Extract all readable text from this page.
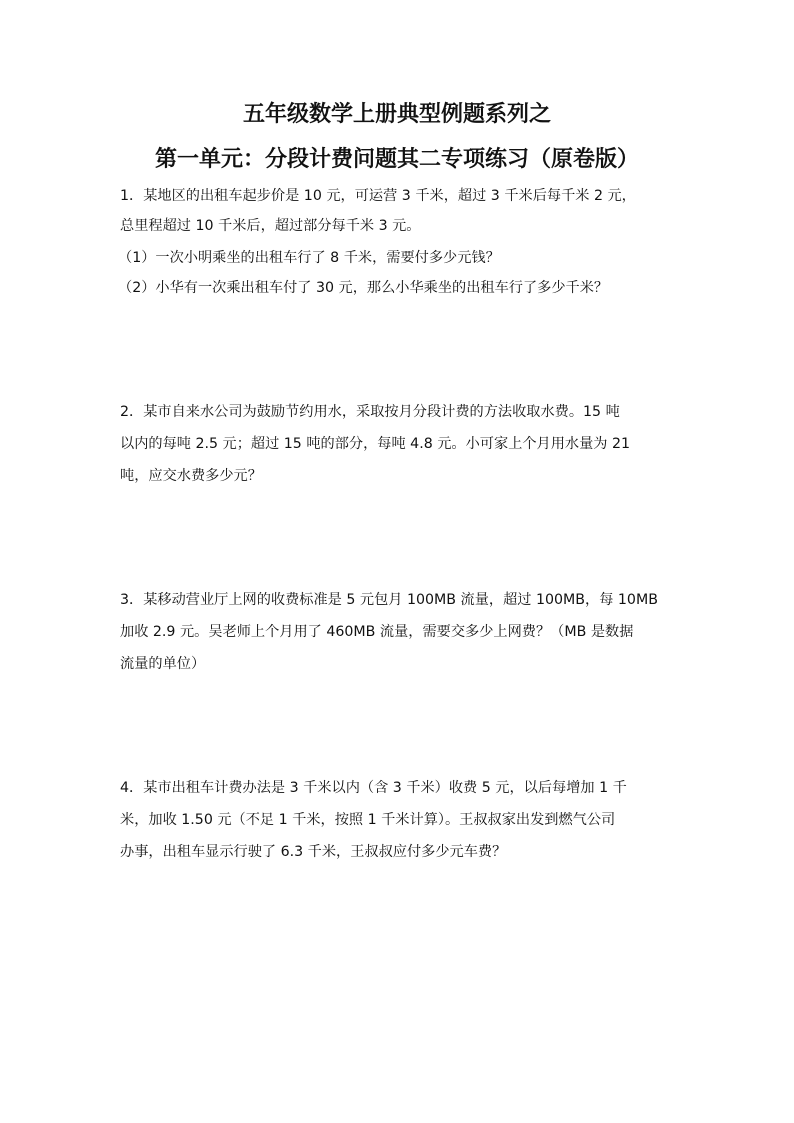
五年级数学上册典型例题系列之
第一单元：分段计费问题其二专项练习（原卷版）

1．某地区的出租车起步价是 10 元，可运营 3 千米，超过 3 千米后每千米 2 元，

总里程超过 10 千米后，超过部分每千米 3 元。

（1）一次小明乘坐的出租车行了 8 千米，需要付多少元钱？

（2）小华有一次乘出租车付了 30 元，那么小华乘坐的出租车行了多少千米？

2．某市自来水公司为鼓励节约用水，采取按月分段计费的方法收取水费。15 吨

以内的每吨 2.5 元；超过 15 吨的部分，每吨 4.8 元。小可家上个月用水量为 21

吨，应交水费多少元？

3．某移动营业厅上网的收费标准是 5 元包月 100MB 流量，超过 100MB，每 10MB

加收 2.9 元。吴老师上个月用了 460MB 流量，需要交多少上网费？（MB 是数据

流量的单位）

4．某市出租车计费办法是 3 千米以内（含 3 千米）收费 5 元，以后每增加 1 千

米，加收 1.50 元（不足 1 千米，按照 1 千米计算）。王叔叔家出发到燃气公司

办事，出租车显示行驶了 6.3 千米，王叔叔应付多少元车费？
